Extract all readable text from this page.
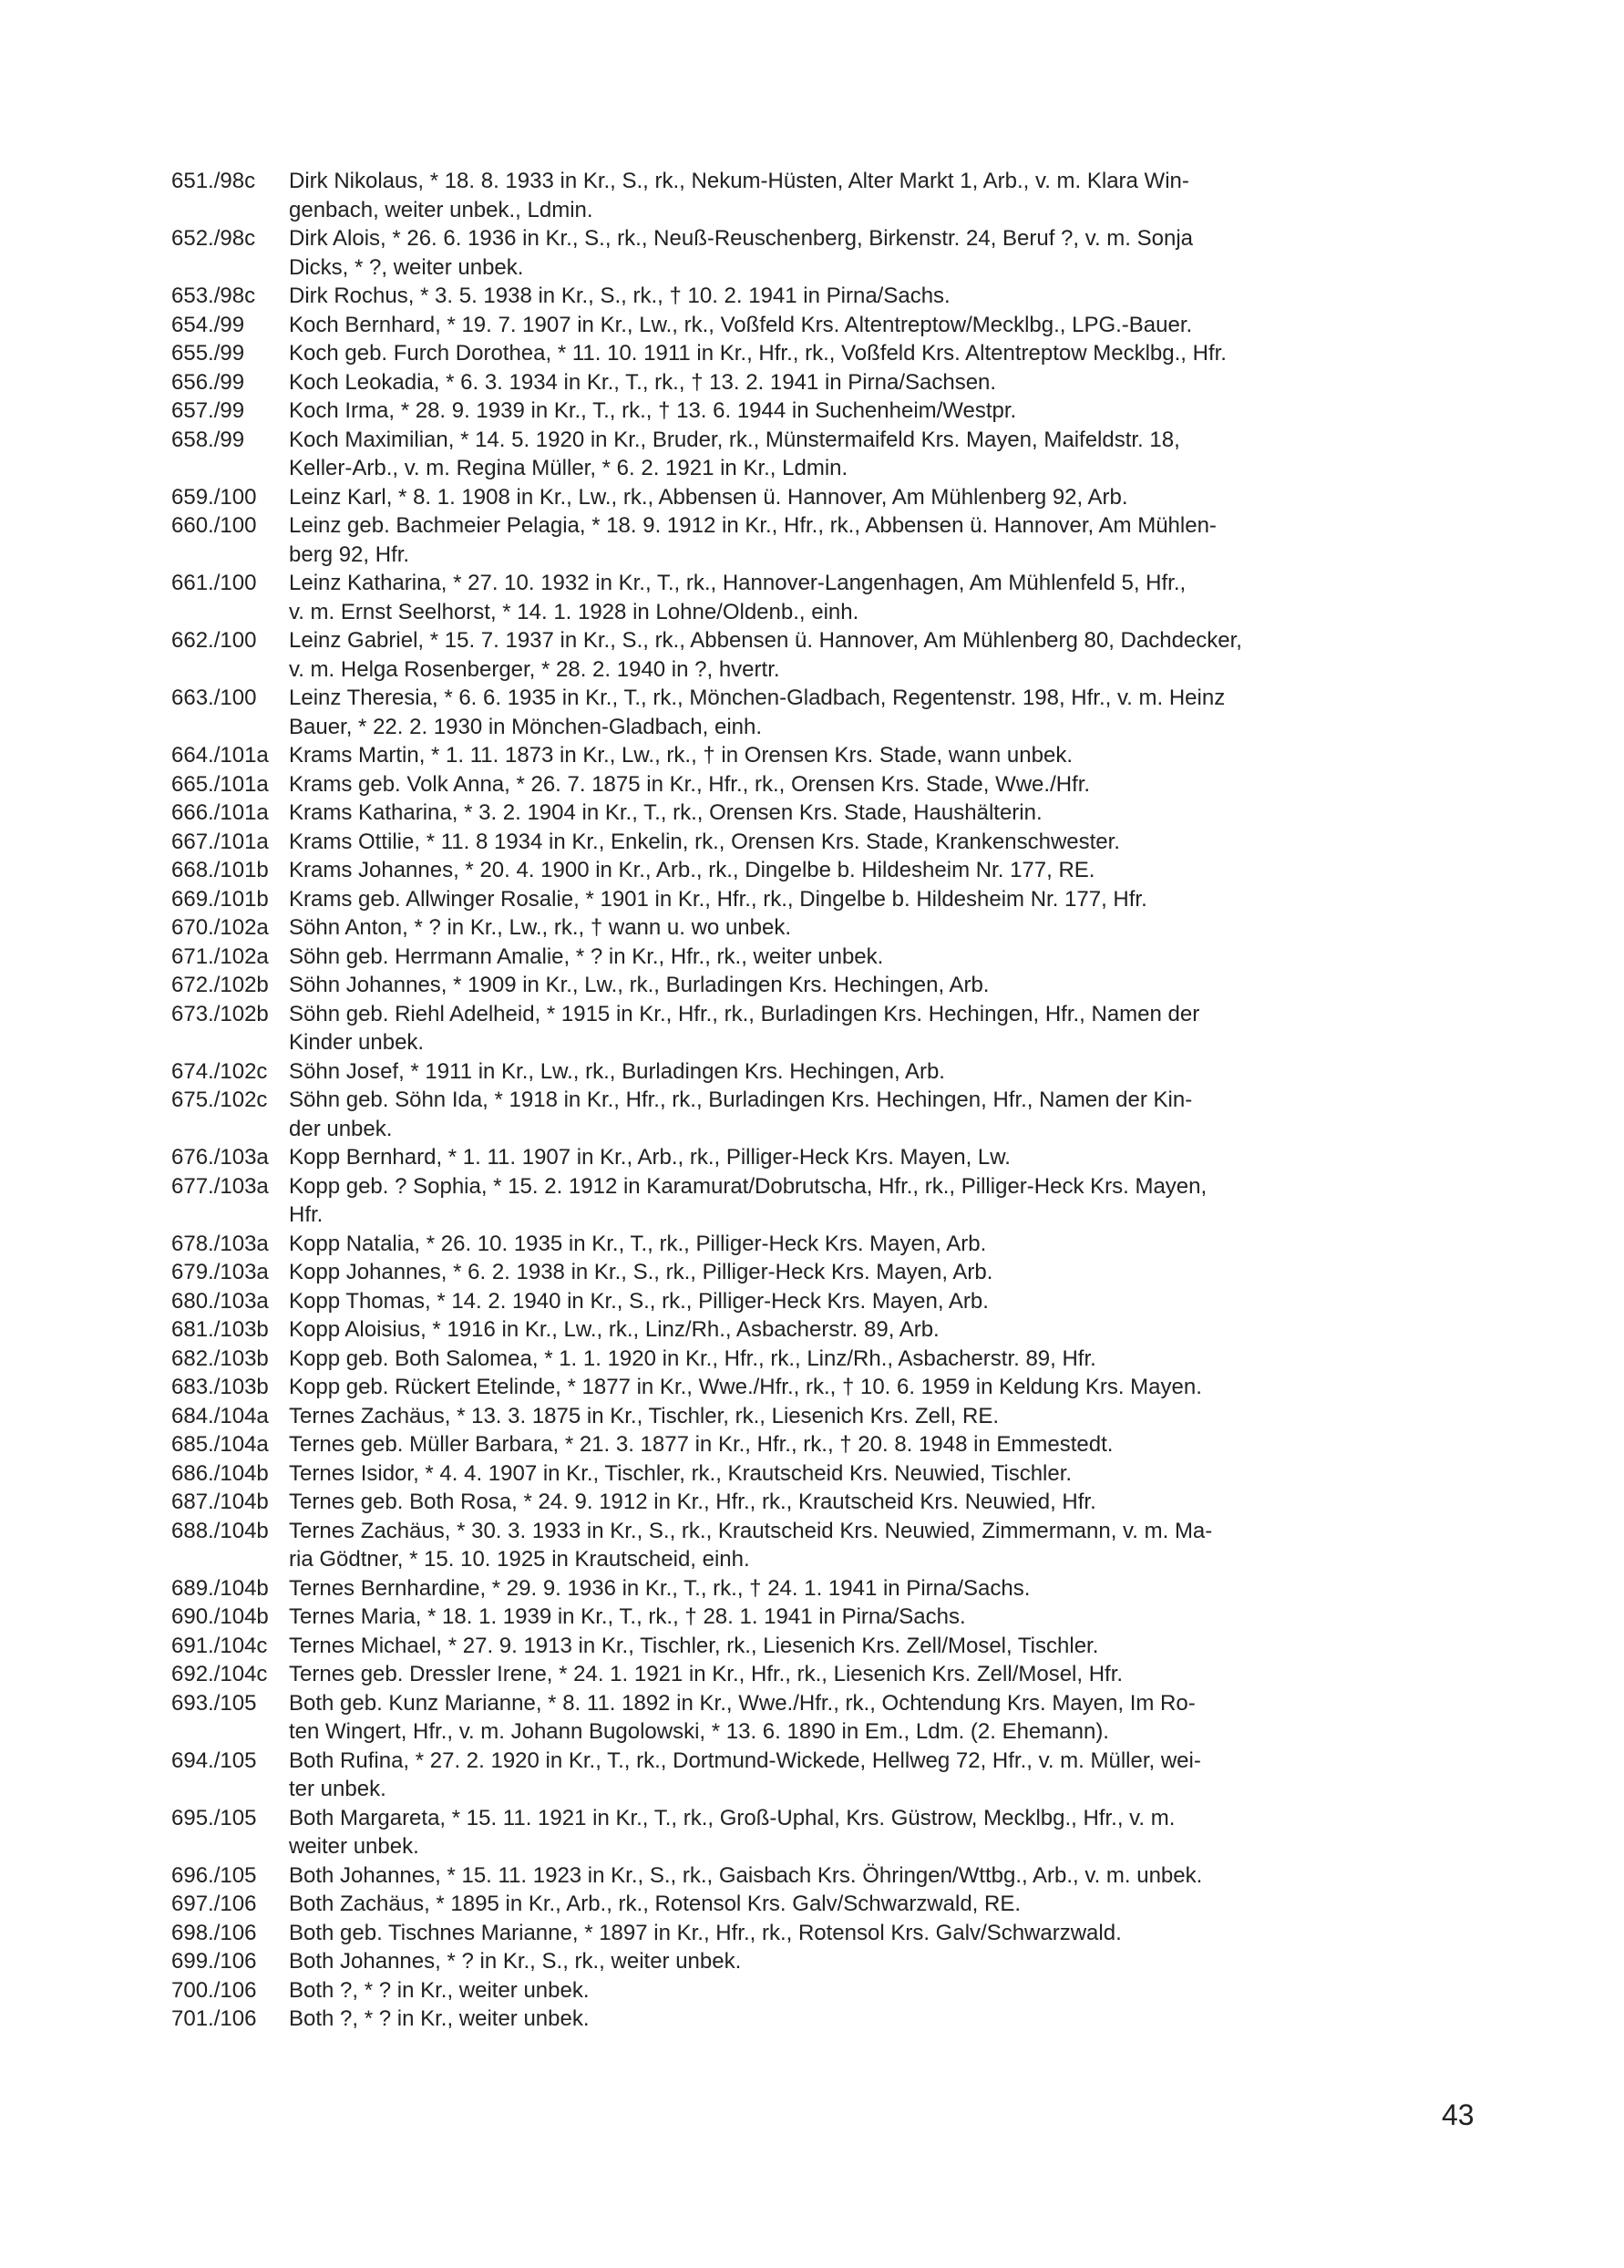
651./98c	Dirk Nikolaus, * 18. 8. 1933 in Kr., S., rk., Nekum-Hüsten, Alter Markt 1, Arb., v. m. Klara Win-
genbach, weiter unbek., Ldmin.
652./98c	Dirk Alois, * 26. 6. 1936 in Kr., S., rk., Neuß-Reuschenberg, Birkenstr. 24, Beruf ?, v. m. Sonja
Dicks, * ?, weiter unbek.
653./98c	Dirk Rochus, * 3. 5. 1938 in Kr., S., rk., † 10. 2. 1941 in Pirna/Sachs.
654./99	Koch Bernhard, * 19. 7. 1907 in Kr., Lw., rk., Voßfeld Krs. Altentreptow/Mecklbg., LPG.-Bauer.
655./99	Koch geb. Furch Dorothea, * 11. 10. 1911 in Kr., Hfr., rk., Voßfeld Krs. Altentreptow Mecklbg., Hfr.
656./99	Koch Leokadia, * 6. 3. 1934 in Kr., T., rk., † 13. 2. 1941 in Pirna/Sachsen.
657./99	Koch Irma, * 28. 9. 1939 in Kr., T., rk., † 13. 6. 1944 in Suchenheim/Westpr.
658./99	Koch Maximilian, * 14. 5. 1920 in Kr., Bruder, rk., Münstermaifeld Krs. Mayen, Maifeldstr. 18,
Keller-Arb., v. m. Regina Müller, * 6. 2. 1921 in Kr., Ldmin.
659./100	Leinz Karl, * 8. 1. 1908 in Kr., Lw., rk., Abbensen ü. Hannover, Am Mühlenberg 92, Arb.
660./100	Leinz geb. Bachmeier Pelagia, * 18. 9. 1912 in Kr., Hfr., rk., Abbensen ü. Hannover, Am Mühlen-
berg 92, Hfr.
661./100	Leinz Katharina, * 27. 10. 1932 in Kr., T., rk., Hannover-Langenhagen, Am Mühlenfeld 5, Hfr.,
v. m. Ernst Seelhorst, * 14. 1. 1928 in Lohne/Oldenb., einh.
662./100	Leinz Gabriel, * 15. 7. 1937 in Kr., S., rk., Abbensen ü. Hannover, Am Mühlenberg 80, Dachdecker,
v. m. Helga Rosenberger, * 28. 2. 1940 in ?, hvertr.
663./100	Leinz Theresia, * 6. 6. 1935 in Kr., T., rk., Mönchen-Gladbach, Regentenstr. 198, Hfr., v. m. Heinz
Bauer, * 22. 2. 1930 in Mönchen-Gladbach, einh.
664./101a Krams Martin, * 1. 11. 1873 in Kr., Lw., rk., † in Orensen Krs. Stade, wann unbek.
665./101a Krams geb. Volk Anna, * 26. 7. 1875 in Kr., Hfr., rk., Orensen Krs. Stade, Wwe./Hfr.
666./101a Krams Katharina, * 3. 2. 1904 in Kr., T., rk., Orensen Krs. Stade, Haushälterin.
667./101a Krams Ottilie, * 11. 8 1934 in Kr., Enkelin, rk., Orensen Krs. Stade, Krankenschwester.
668./101b Krams Johannes, * 20. 4. 1900 in Kr., Arb., rk., Dingelbe b. Hildesheim Nr. 177, RE.
669./101b Krams geb. Allwinger Rosalie, * 1901 in Kr., Hfr., rk., Dingelbe b. Hildesheim Nr. 177, Hfr.
670./102a Söhn Anton, * ? in Kr., Lw., rk., † wann u. wo unbek.
671./102a Söhn geb. Herrmann Amalie, * ? in Kr., Hfr., rk., weiter unbek.
672./102b Söhn Johannes, * 1909 in Kr., Lw., rk., Burladingen Krs. Hechingen, Arb.
673./102b Söhn geb. Riehl Adelheid, * 1915 in Kr., Hfr., rk., Burladingen Krs. Hechingen, Hfr., Namen der
Kinder unbek.
674./102c Söhn Josef, * 1911 in Kr., Lw., rk., Burladingen Krs. Hechingen, Arb.
675./102c Söhn geb. Söhn Ida, * 1918 in Kr., Hfr., rk., Burladingen Krs. Hechingen, Hfr., Namen der Kin-
der unbek.
676./103a Kopp Bernhard, * 1. 11. 1907 in Kr., Arb., rk., Pilliger-Heck Krs. Mayen, Lw.
677./103a Kopp geb. ? Sophia, * 15. 2. 1912 in Karamurat/Dobrutscha, Hfr., rk., Pilliger-Heck Krs. Mayen,
Hfr.
678./103a Kopp Natalia, * 26. 10. 1935 in Kr., T., rk., Pilliger-Heck Krs. Mayen, Arb.
679./103a Kopp Johannes, * 6. 2. 1938 in Kr., S., rk., Pilliger-Heck Krs. Mayen, Arb.
680./103a Kopp Thomas, * 14. 2. 1940 in Kr., S., rk., Pilliger-Heck Krs. Mayen, Arb.
681./103b Kopp Aloisius, * 1916 in Kr., Lw., rk., Linz/Rh., Asbacherstr. 89, Arb.
682./103b Kopp geb. Both Salomea, * 1. 1. 1920 in Kr., Hfr., rk., Linz/Rh., Asbacherstr. 89, Hfr.
683./103b Kopp geb. Rückert Etelinde, * 1877 in Kr., Wwe./Hfr., rk., † 10. 6. 1959 in Keldung Krs. Mayen.
684./104a Ternes Zachäus, * 13. 3. 1875 in Kr., Tischler, rk., Liesenich Krs. Zell, RE.
685./104a Ternes geb. Müller Barbara, * 21. 3. 1877 in Kr., Hfr., rk., † 20. 8. 1948 in Emmestedt.
686./104b Ternes Isidor, * 4. 4. 1907 in Kr., Tischler, rk., Krautscheid Krs. Neuwied, Tischler.
687./104b Ternes geb. Both Rosa, * 24. 9. 1912 in Kr., Hfr., rk., Krautscheid Krs. Neuwied, Hfr.
688./104b Ternes Zachäus, * 30. 3. 1933 in Kr., S., rk., Krautscheid Krs. Neuwied, Zimmermann, v. m. Ma-
ria Gödtner, * 15. 10. 1925 in Krautscheid, einh.
689./104b Ternes Bernhardine, * 29. 9. 1936 in Kr., T., rk., † 24. 1. 1941 in Pirna/Sachs.
690./104b Ternes Maria, * 18. 1. 1939 in Kr., T., rk., † 28. 1. 1941 in Pirna/Sachs.
691./104c Ternes Michael, * 27. 9. 1913 in Kr., Tischler, rk., Liesenich Krs. Zell/Mosel, Tischler.
692./104c Ternes geb. Dressler Irene, * 24. 1. 1921 in Kr., Hfr., rk., Liesenich Krs. Zell/Mosel, Hfr.
693./105	Both geb. Kunz Marianne, * 8. 11. 1892 in Kr., Wwe./Hfr., rk., Ochtendung Krs. Mayen, Im Ro-
ten Wingert, Hfr., v. m. Johann Bugolowski, * 13. 6. 1890 in Em., Ldm. (2. Ehemann).
694./105	Both Rufina, * 27. 2. 1920 in Kr., T., rk., Dortmund-Wickede, Hellweg 72, Hfr., v. m. Müller, wei-
ter unbek.
695./105	Both Margareta, * 15. 11. 1921 in Kr., T., rk., Groß-Uphal, Krs. Güstrow, Mecklbg., Hfr., v. m.
weiter unbek.
696./105	Both Johannes, * 15. 11. 1923 in Kr., S., rk., Gaisbach Krs. Öhringen/Wttbg., Arb., v. m. unbek.
697./106	Both Zachäus, * 1895 in Kr., Arb., rk., Rotensol Krs. Galv/Schwarzwald, RE.
698./106	Both geb. Tischnes Marianne, * 1897 in Kr., Hfr., rk., Rotensol Krs. Galv/Schwarzwald.
699./106	Both Johannes, * ? in Kr., S., rk., weiter unbek.
700./106	Both ?, * ? in Kr., weiter unbek.
701./106	Both ?, * ? in Kr., weiter unbek.
43
